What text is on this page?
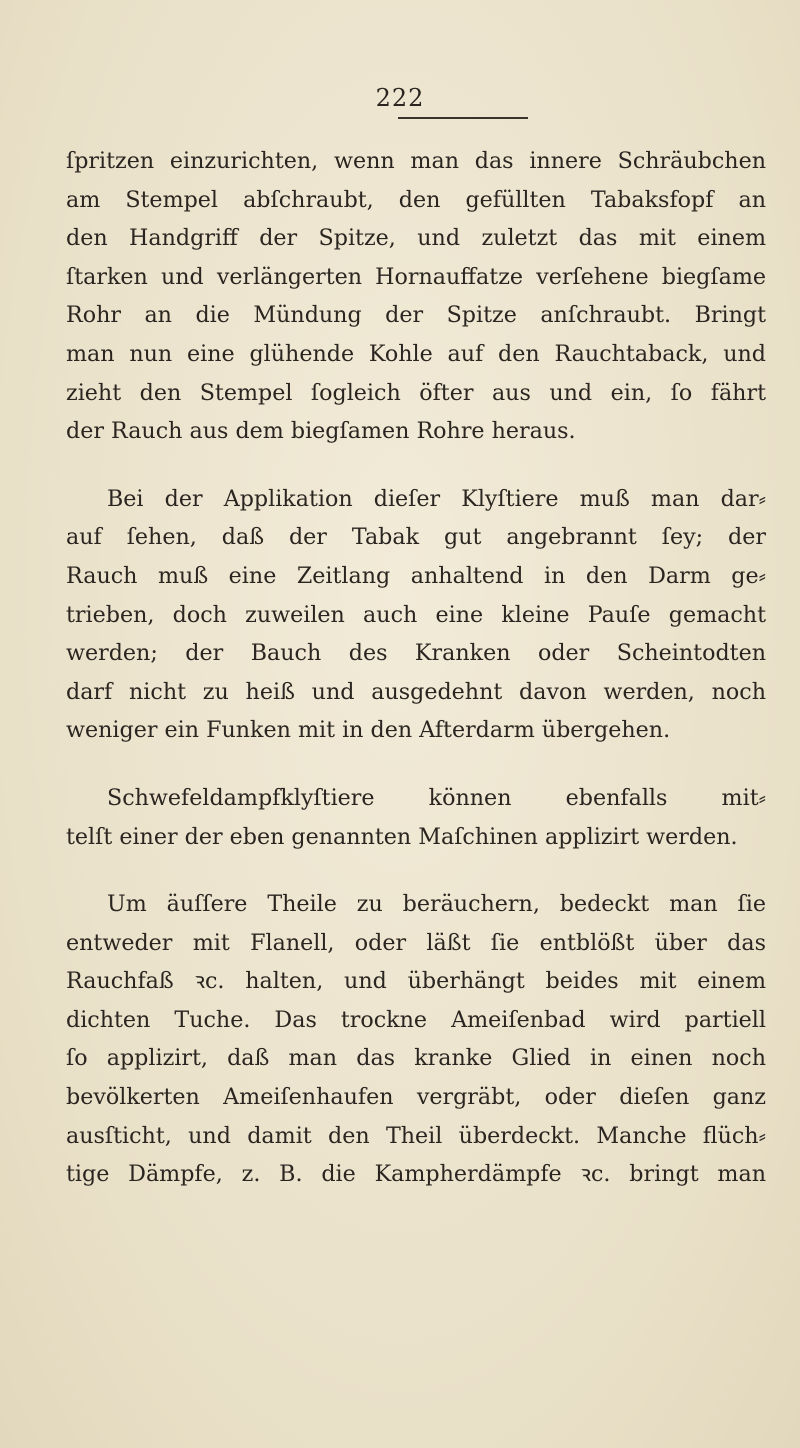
222
ſpritzen einzurichten, wenn man das innere Schräubchen
am Stempel abſchraubt, den gefüllten Tabaksfopf an
den Handgriff der Spitze, und zuletzt das mit einem
ſtarken und verlängerten Hornauffatze verſehene biegſame
Rohr an die Mündung der Spitze anſchraubt. Bringt
man nun eine glühende Kohle auf den Rauchtaback, und
zieht den Stempel ſogleich öfter aus und ein, ſo fährt
der Rauch aus dem biegſamen Rohre heraus.
Bei der Applikation dieſer Klyſtiere muß man dar⸗
auf ſehen, daß der Tabak gut angebrannt ſey; der
Rauch muß eine Zeitlang anhaltend in den Darm ge⸗
trieben, doch zuweilen auch eine kleine Pauſe gemacht
werden; der Bauch des Kranken oder Scheintodten
darf nicht zu heiß und ausgedehnt davon werden, noch
weniger ein Funken mit in den Afterdarm übergehen.
Schwefeldampfklyſtiere können ebenfalls mit⸗
telſt einer der eben genannten Maſchinen applizirt werden.
Um äuſſere Theile zu beräuchern, bedeckt man ſie
entweder mit Flanell, oder läßt ſie entblößt über das
Rauchfaß ꝛc. halten, und überhängt beides mit einem
dichten Tuche. Das trockne Ameiſenbad wird partiell
ſo applizirt, daß man das kranke Glied in einen noch
bevölkerten Ameiſenhaufen vergräbt, oder dieſen ganz
ausſticht, und damit den Theil überdeckt. Manche flüch⸗
tige Dämpfe, z. B. die Kampherdämpfe ꝛc. bringt man
